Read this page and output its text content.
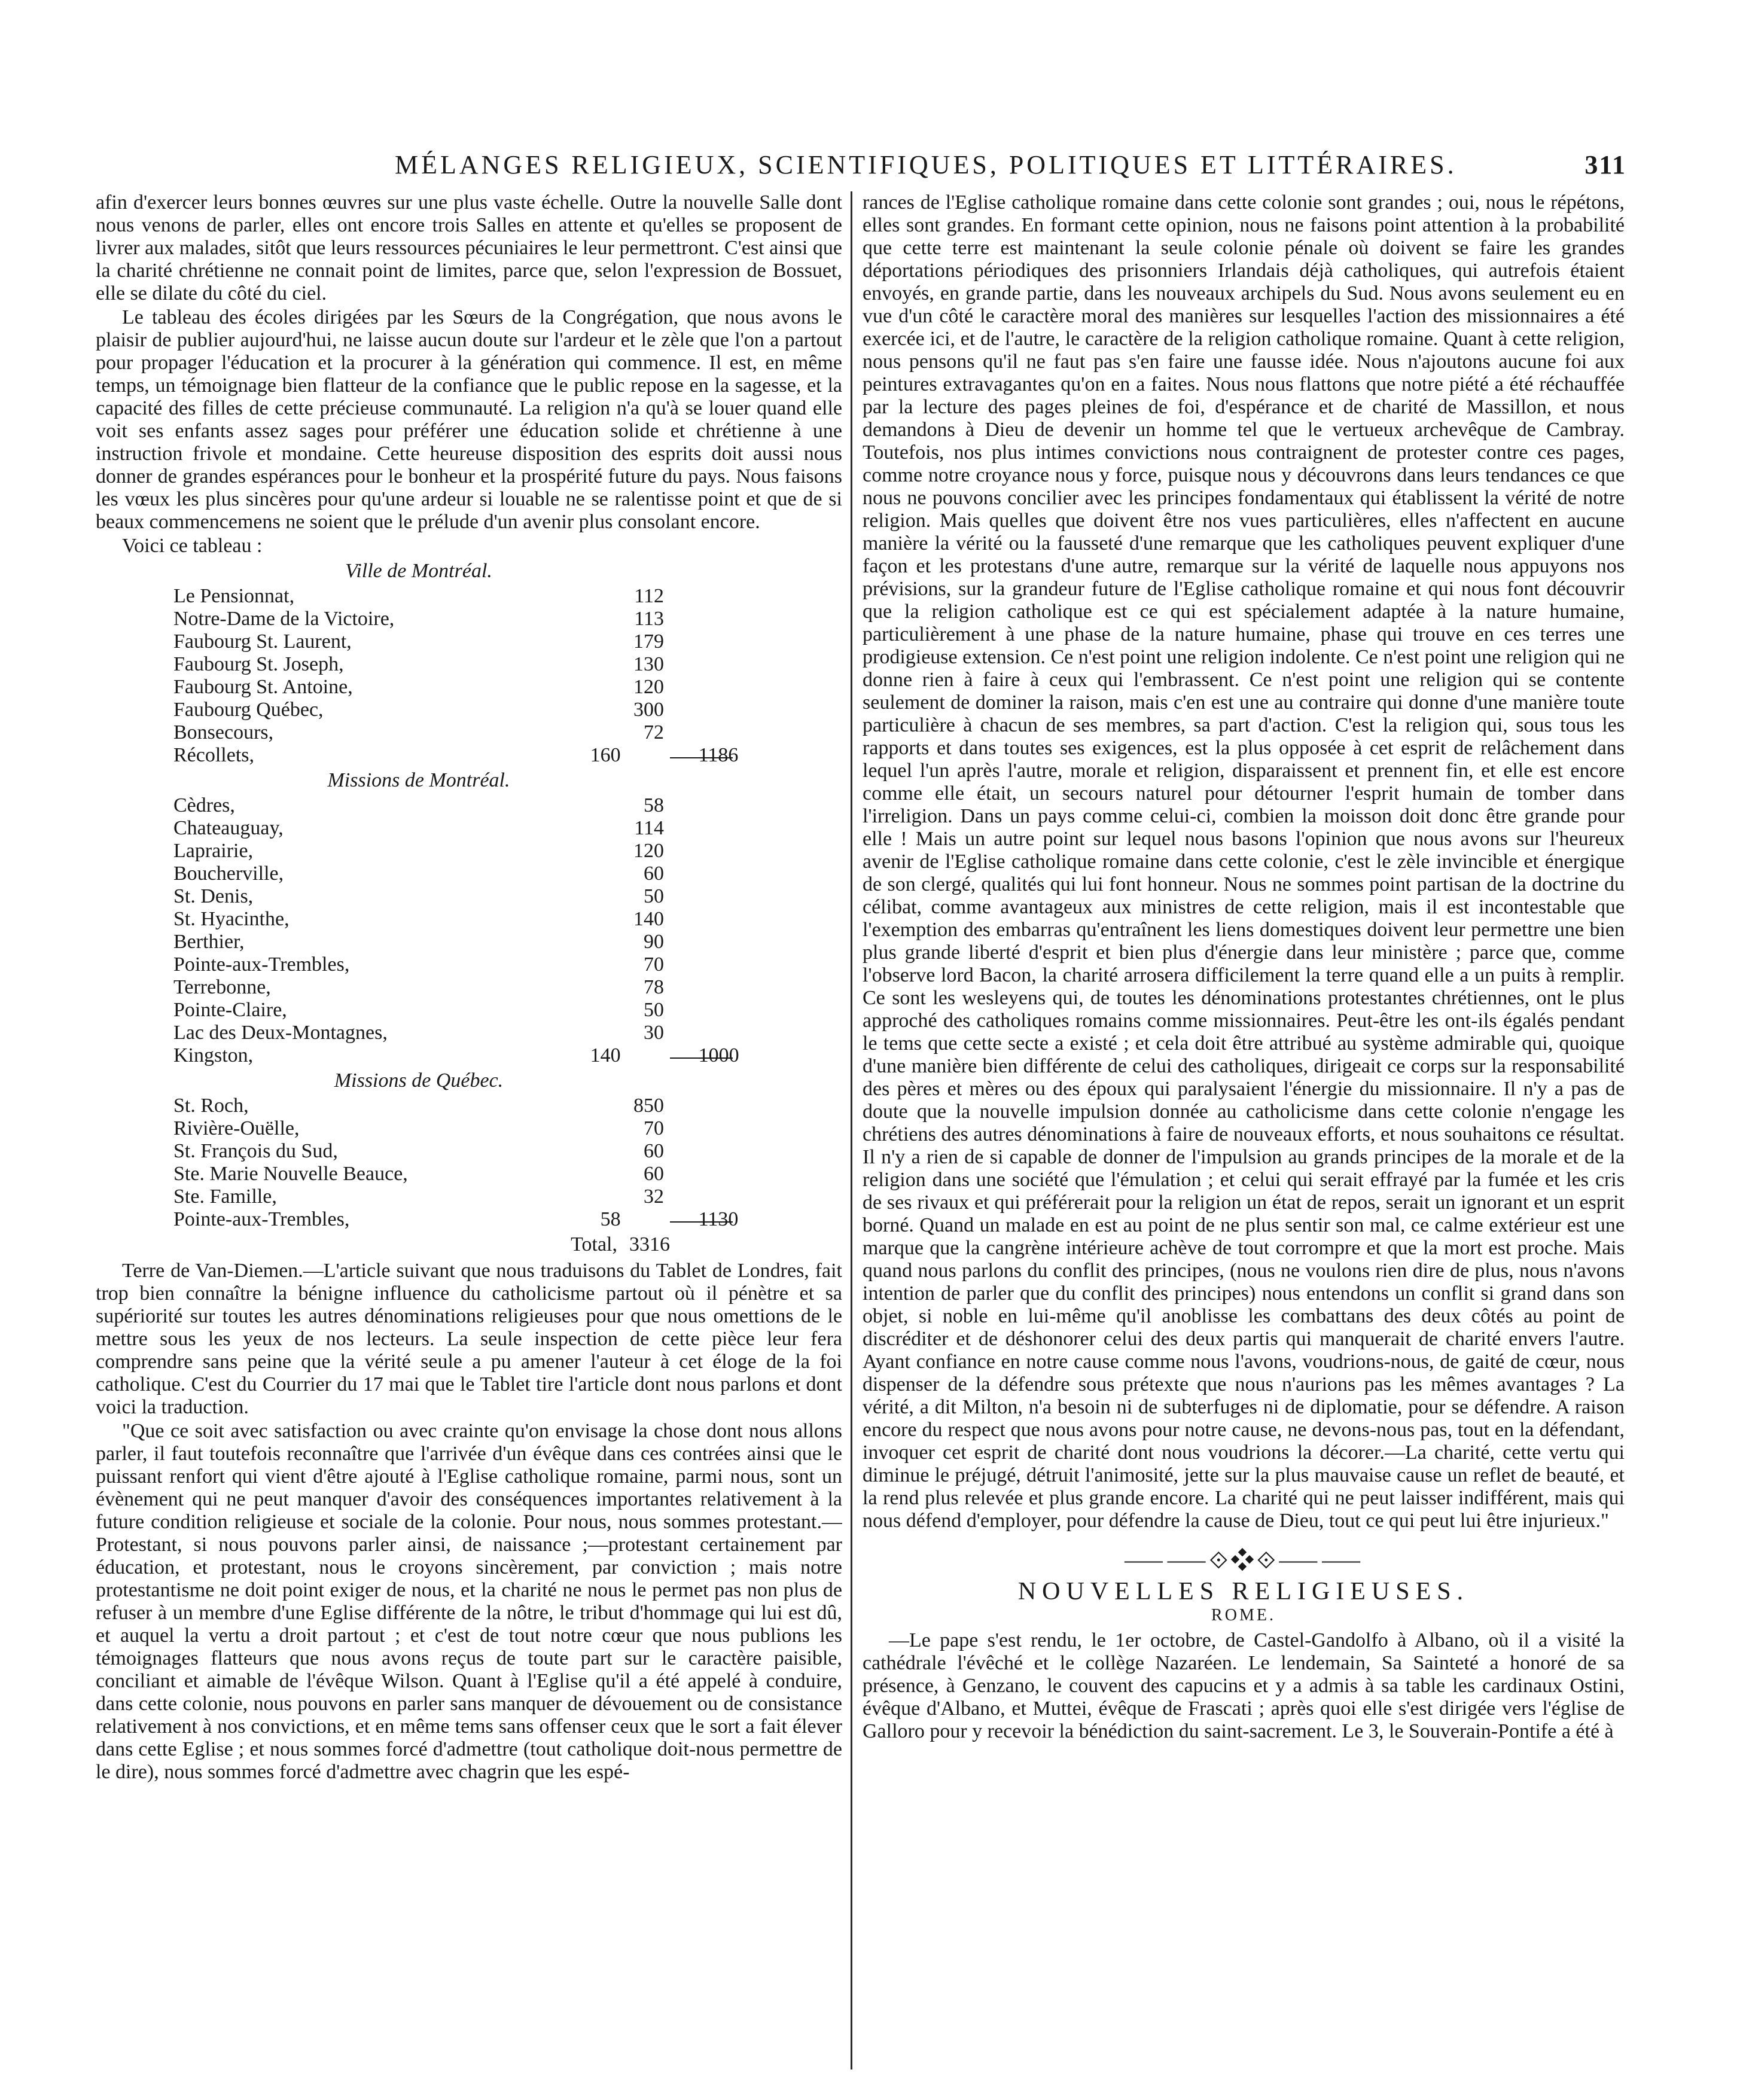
MÉLANGES RELIGIEUX, SCIENTIFIQUES, POLITIQUES ET LITTÉRAIRES.	311

afin d'exercer leurs bonnes œuvres sur une plus vaste échelle. Outre la nouvelle Salle dont nous venons de parler, elles ont encore trois Salles en attente et qu'elles se proposent de livrer aux malades, sitôt que leurs ressources pécuniaires le leur permettront. C'est ainsi que la charité chrétienne ne connait point de limites, parce que, selon l'expression de Bossuet, elle se dilate du côté du ciel.

Le tableau des écoles dirigées par les Sœurs de la Congrégation, que nous avons le plaisir de publier aujourd'hui, ne laisse aucun doute sur l'ardeur et le zèle que l'on a partout pour propager l'éducation et la procurer à la génération qui commence. Il est, en même temps, un témoignage bien flatteur de la confiance que le public repose en la sagesse, et la capacité des filles de cette précieuse communauté. La religion n'a qu'à se louer quand elle voit ses enfants assez sages pour préférer une éducation solide et chrétienne à une instruction frivole et mondaine. Cette heureuse disposition des esprits doit aussi nous donner de grandes espérances pour le bonheur et la prospérité future du pays. Nous faisons les vœux les plus sincères pour qu'une ardeur si louable ne se ralentisse point et que de si beaux commencemens ne soient que le prélude d'un avenir plus consolant encore.

Voici ce tableau :

Ville de Montréal.
Le Pensionnat,	112
Notre-Dame de la Victoire,	113
Faubourg St. Laurent,	179
Faubourg St. Joseph,	130
Faubourg St. Antoine,	120
Faubourg Québec,	300
Bonsecours,	72
Récollets,	160	1186
Missions de Montréal.
Cèdres,	58
Chateauguay,	114
Laprairie,	120
Boucherville,	60
St. Denis,	50
St. Hyacinthe,	140
Berthier,	90
Pointe-aux-Trembles,	70
Terrebonne,	78
Pointe-Claire,	50
Lac des Deux-Montagnes,	30
Kingston,	140	1000
Missions de Québec.
St. Roch,	850
Rivière-Ouëlle,	70
St. François du Sud,	60
Ste. Marie Nouvelle Beauce,	60
Ste. Famille,	32
Pointe-aux-Trembles,	58	1130
Total, 3316

Terre de Van-Diemen.—L'article suivant que nous traduisons du Tablet de Londres, fait trop bien connaître la bénigne influence du catholicisme partout où il pénètre et sa supériorité sur toutes les autres dénominations religieuses pour que nous omettions de le mettre sous les yeux de nos lecteurs. La seule inspection de cette pièce leur fera comprendre sans peine que la vérité seule a pu amener l'auteur à cet éloge de la foi catholique. C'est du Courrier du 17 mai que le Tablet tire l'article dont nous parlons et dont voici la traduction.

"Que ce soit avec satisfaction ou avec crainte qu'on envisage la chose dont nous allons parler, il faut toutefois reconnaître que l'arrivée d'un évêque dans ces contrées ainsi que le puissant renfort qui vient d'être ajouté à l'Eglise catholique romaine, parmi nous, sont un évènement qui ne peut manquer d'avoir des conséquences importantes relativement à la future condition religieuse et sociale de la colonie. Pour nous, nous sommes protestant.—Protestant, si nous pouvons parler ainsi, de naissance ;—protestant certainement par éducation, et protestant, nous le croyons sincèrement, par conviction ; mais notre protestantisme ne doit point exiger de nous, et la charité ne nous le permet pas non plus de refuser à un membre d'une Eglise différente de la nôtre, le tribut d'hommage qui lui est dû, et auquel la vertu a droit partout ; et c'est de tout notre cœur que nous publions les témoignages flatteurs que nous avons reçus de toute part sur le caractère paisible, conciliant et aimable de l'évêque Wilson. Quant à l'Eglise qu'il a été appelé à conduire, dans cette colonie, nous pouvons en parler sans manquer de dévouement ou de consistance relativement à nos convictions, et en même tems sans offenser ceux que le sort a fait élever dans cette Eglise ; et nous sommes forcé d'admettre (tout catholique doit-nous permettre de le dire), nous sommes forcé d'admettre avec chagrin que les espé-

rances de l'Eglise catholique romaine dans cette colonie sont grandes ; oui, nous le répétons, elles sont grandes. En formant cette opinion, nous ne faisons point attention à la probabilité que cette terre est maintenant la seule colonie pénale où doivent se faire les grandes déportations périodiques des prisonniers Irlandais déjà catholiques, qui autrefois étaient envoyés, en grande partie, dans les nouveaux archipels du Sud. Nous avons seulement eu en vue d'un côté le caractère moral des manières sur lesquelles l'action des missionnaires a été exercée ici, et de l'autre, le caractère de la religion catholique romaine. Quant à cette religion, nous pensons qu'il ne faut pas s'en faire une fausse idée. Nous n'ajoutons aucune foi aux peintures extravagantes qu'on en a faites. Nous nous flattons que notre piété a été réchauffée par la lecture des pages pleines de foi, d'espérance et de charité de Massillon, et nous demandons à Dieu de devenir un homme tel que le vertueux archevêque de Cambray. Toutefois, nos plus intimes convictions nous contraignent de protester contre ces pages, comme notre croyance nous y force, puisque nous y découvrons dans leurs tendances ce que nous ne pouvons concilier avec les principes fondamentaux qui établissent la vérité de notre religion. Mais quelles que doivent être nos vues particulières, elles n'affectent en aucune manière la vérité ou la fausseté d'une remarque que les catholiques peuvent expliquer d'une façon et les protestans d'une autre, remarque sur la vérité de laquelle nous appuyons nos prévisions, sur la grandeur future de l'Eglise catholique romaine et qui nous font découvrir que la religion catholique est ce qui est spécialement adaptée à la nature humaine, particulièrement à une phase de la nature humaine, phase qui trouve en ces terres une prodigieuse extension. Ce n'est point une religion indolente. Ce n'est point une religion qui ne donne rien à faire à ceux qui l'embrassent. Ce n'est point une religion qui se contente seulement de dominer la raison, mais c'en est une au contraire qui donne d'une manière toute particulière à chacun de ses membres, sa part d'action. C'est la religion qui, sous tous les rapports et dans toutes ses exigences, est la plus opposée à cet esprit de relâchement dans lequel l'un après l'autre, morale et religion, disparaissent et prennent fin, et elle est encore comme elle était, un secours naturel pour détourner l'esprit humain de tomber dans l'irreligion. Dans un pays comme celui-ci, combien la moisson doit donc être grande pour elle ! Mais un autre point sur lequel nous basons l'opinion que nous avons sur l'heureux avenir de l'Eglise catholique romaine dans cette colonie, c'est le zèle invincible et énergique de son clergé, qualités qui lui font honneur. Nous ne sommes point partisan de la doctrine du célibat, comme avantageux aux ministres de cette religion, mais il est incontestable que l'exemption des embarras qu'entraînent les liens domestiques doivent leur permettre une bien plus grande liberté d'esprit et bien plus d'énergie dans leur ministère ; parce que, comme l'observe lord Bacon, la charité arrosera difficilement la terre quand elle a un puits à remplir. Ce sont les wesleyens qui, de toutes les dénominations protestantes chrétiennes, ont le plus approché des catholiques romains comme missionnaires. Peut-être les ont-ils égalés pendant le tems que cette secte a existé ; et cela doit être attribué au système admirable qui, quoique d'une manière bien différente de celui des catholiques, dirigeait ce corps sur la responsabilité des pères et mères ou des époux qui paralysaient l'énergie du missionnaire. Il n'y a pas de doute que la nouvelle impulsion donnée au catholicisme dans cette colonie n'engage les chrétiens des autres dénominations à faire de nouveaux efforts, et nous souhaitons ce résultat. Il n'y a rien de si capable de donner de l'impulsion au grands principes de la morale et de la religion dans une société que l'émulation ; et celui qui serait effrayé par la fumée et les cris de ses rivaux et qui préférerait pour la religion un état de repos, serait un ignorant et un esprit borné. Quand un malade en est au point de ne plus sentir son mal, ce calme extérieur est une marque que la cangrène intérieure achève de tout corrompre et que la mort est proche. Mais quand nous parlons du conflit des principes, (nous ne voulons rien dire de plus, nous n'avons intention de parler que du conflit des principes) nous entendons un conflit si grand dans son objet, si noble en lui-même qu'il anoblisse les combattans des deux côtés au point de discréditer et de déshonorer celui des deux partis qui manquerait de charité envers l'autre. Ayant confiance en notre cause comme nous l'avons, voudrions-nous, de gaité de cœur, nous dispenser de la défendre sous prétexte que nous n'aurions pas les mêmes avantages ? La vérité, a dit Milton, n'a besoin ni de subterfuges ni de diplomatie, pour se défendre. A raison encore du respect que nous avons pour notre cause, ne devons-nous pas, tout en la défendant, invoquer cet esprit de charité dont nous voudrions la décorer.—La charité, cette vertu qui diminue le préjugé, détruit l'animosité, jette sur la plus mauvaise cause un reflet de beauté, et la rend plus relevée et plus grande encore. La charité qui ne peut laisser indifférent, mais qui nous défend d'employer, pour défendre la cause de Dieu, tout ce qui peut lui être injurieux."

⸺⸺⟐❖⟐⸺⸺
NOUVELLES RELIGIEUSES.
ROME.

—Le pape s'est rendu, le 1er octobre, de Castel-Gandolfo à Albano, où il a visité la cathédrale l'évêché et le collège Nazaréen. Le lendemain, Sa Sainteté a honoré de sa présence, à Genzano, le couvent des capucins et y a admis à sa table les cardinaux Ostini, évêque d'Albano, et Muttei, évêque de Frascati ; après quoi elle s'est dirigée vers l'église de Galloro pour y recevoir la bénédiction du saint-sacrement. Le 3, le Souverain-Pontife a été à
